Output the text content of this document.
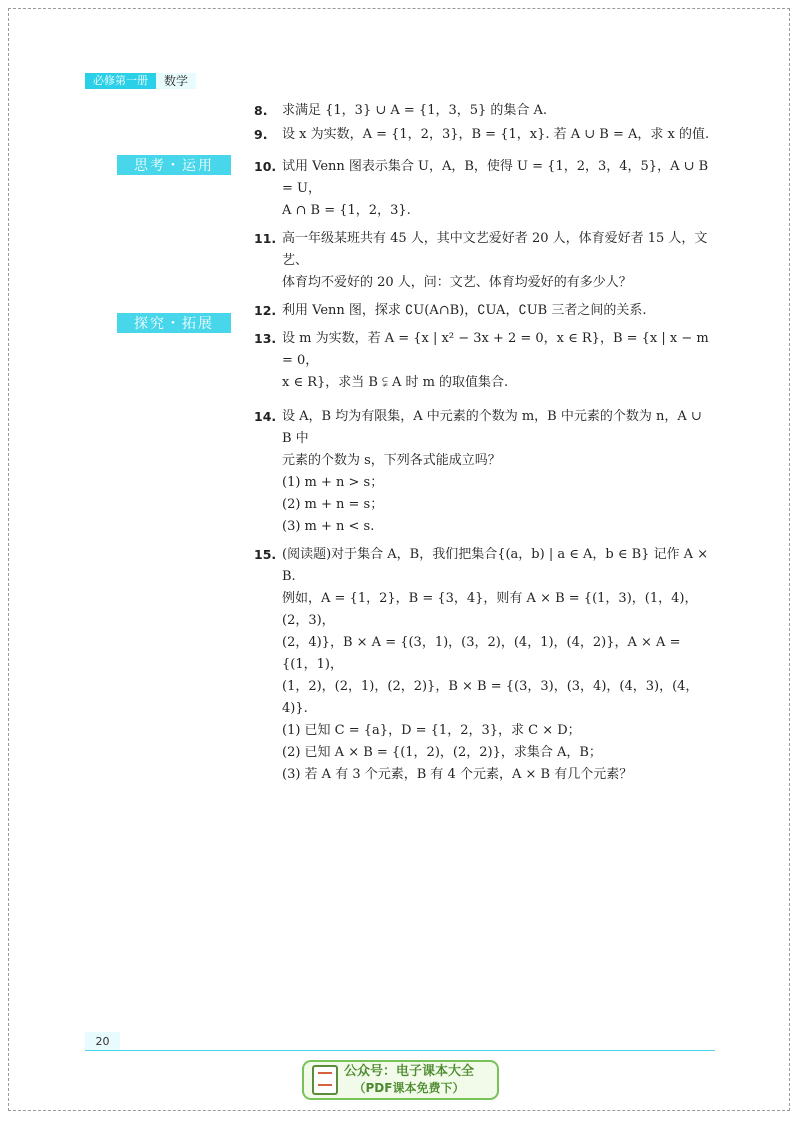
必修第一册	数学
思考・运用
探究・拓展
8.	求满足 {1，3} ∪ A = {1，3，5} 的集合 A.

9.	设 x 为实数，A = {1，2，3}，B = {1，x}. 若 A ∪ B = A，求 x 的值.

10. 试用 Venn 图表示集合 U，A，B，使得 U = {1，2，3，4，5}，A ∪ B = U，

A ∩ B = {1，2，3}.

11. 高一年级某班共有 45 人，其中文艺爱好者 20 人，体育爱好者 15 人，文艺、

体育均不爱好的 20 人，问：文艺、体育均爱好的有多少人？

12. 利用 Venn 图，探求 ∁U(A∩B)，∁UA，∁UB 三者之间的关系.

13. 设 m 为实数，若 A = {x | x² − 3x + 2 = 0，x ∈ R}，B = {x | x − m = 0，

x ∈ R}，求当 B ⫋ A 时 m 的取值集合.

14. 设 A，B 均为有限集，A 中元素的个数为 m，B 中元素的个数为 n，A ∪ B 中

元素的个数为 s，下列各式能成立吗？

(1) m + n > s；

(2) m + n = s；

(3) m + n < s.

15. (阅读题)对于集合 A，B，我们把集合{(a，b) | a ∈ A，b ∈ B} 记作 A × B.

例如，A = {1，2}，B = {3，4}，则有 A × B = {(1，3)，(1，4)，(2，3)，

(2，4)}，B × A = {(3，1)，(3，2)，(4，1)，(4，2)}，A × A = {(1，1)，

(1，2)，(2，1)，(2，2)}，B × B = {(3，3)，(3，4)，(4，3)，(4，4)}.

(1) 已知 C = {a}，D = {1，2，3}，求 C × D；

(2) 已知 A × B = {(1，2)，(2，2)}，求集合 A，B；

(3) 若 A 有 3 个元素，B 有 4 个元素，A × B 有几个元素？

20
公众号：电子课本大全
（PDF课本免费下）
